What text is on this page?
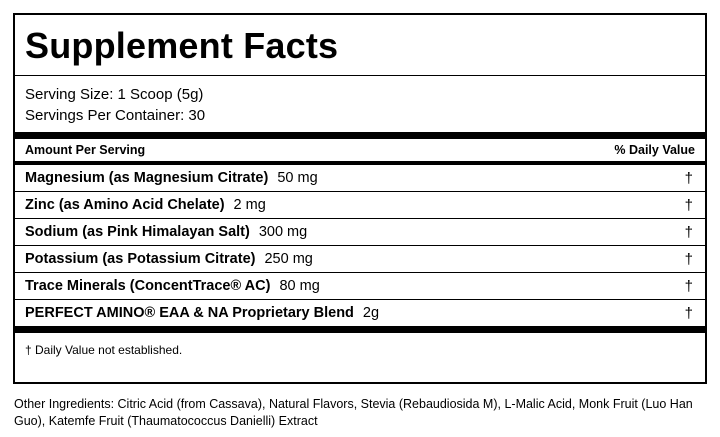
Supplement Facts
Serving Size: 1 Scoop (5g)
Servings Per Container: 30
Amount Per Serving	% Daily Value
Magnesium (as Magnesium Citrate) 50 mg	†
Zinc (as Amino Acid Chelate) 2 mg	†
Sodium (as Pink Himalayan Salt) 300 mg	†
Potassium (as Potassium Citrate) 250 mg	†
Trace Minerals (ConcentTrace® AC) 80 mg	†
PERFECT AMINO® EAA & NA Proprietary Blend 2g	†
† Daily Value not established.
Other Ingredients: Citric Acid (from Cassava), Natural Flavors, Stevia (Rebaudiosida M), L-Malic Acid, Monk Fruit (Luo Han Guo), Katemfe Fruit (Thaumatococcus Danielli) Extract
